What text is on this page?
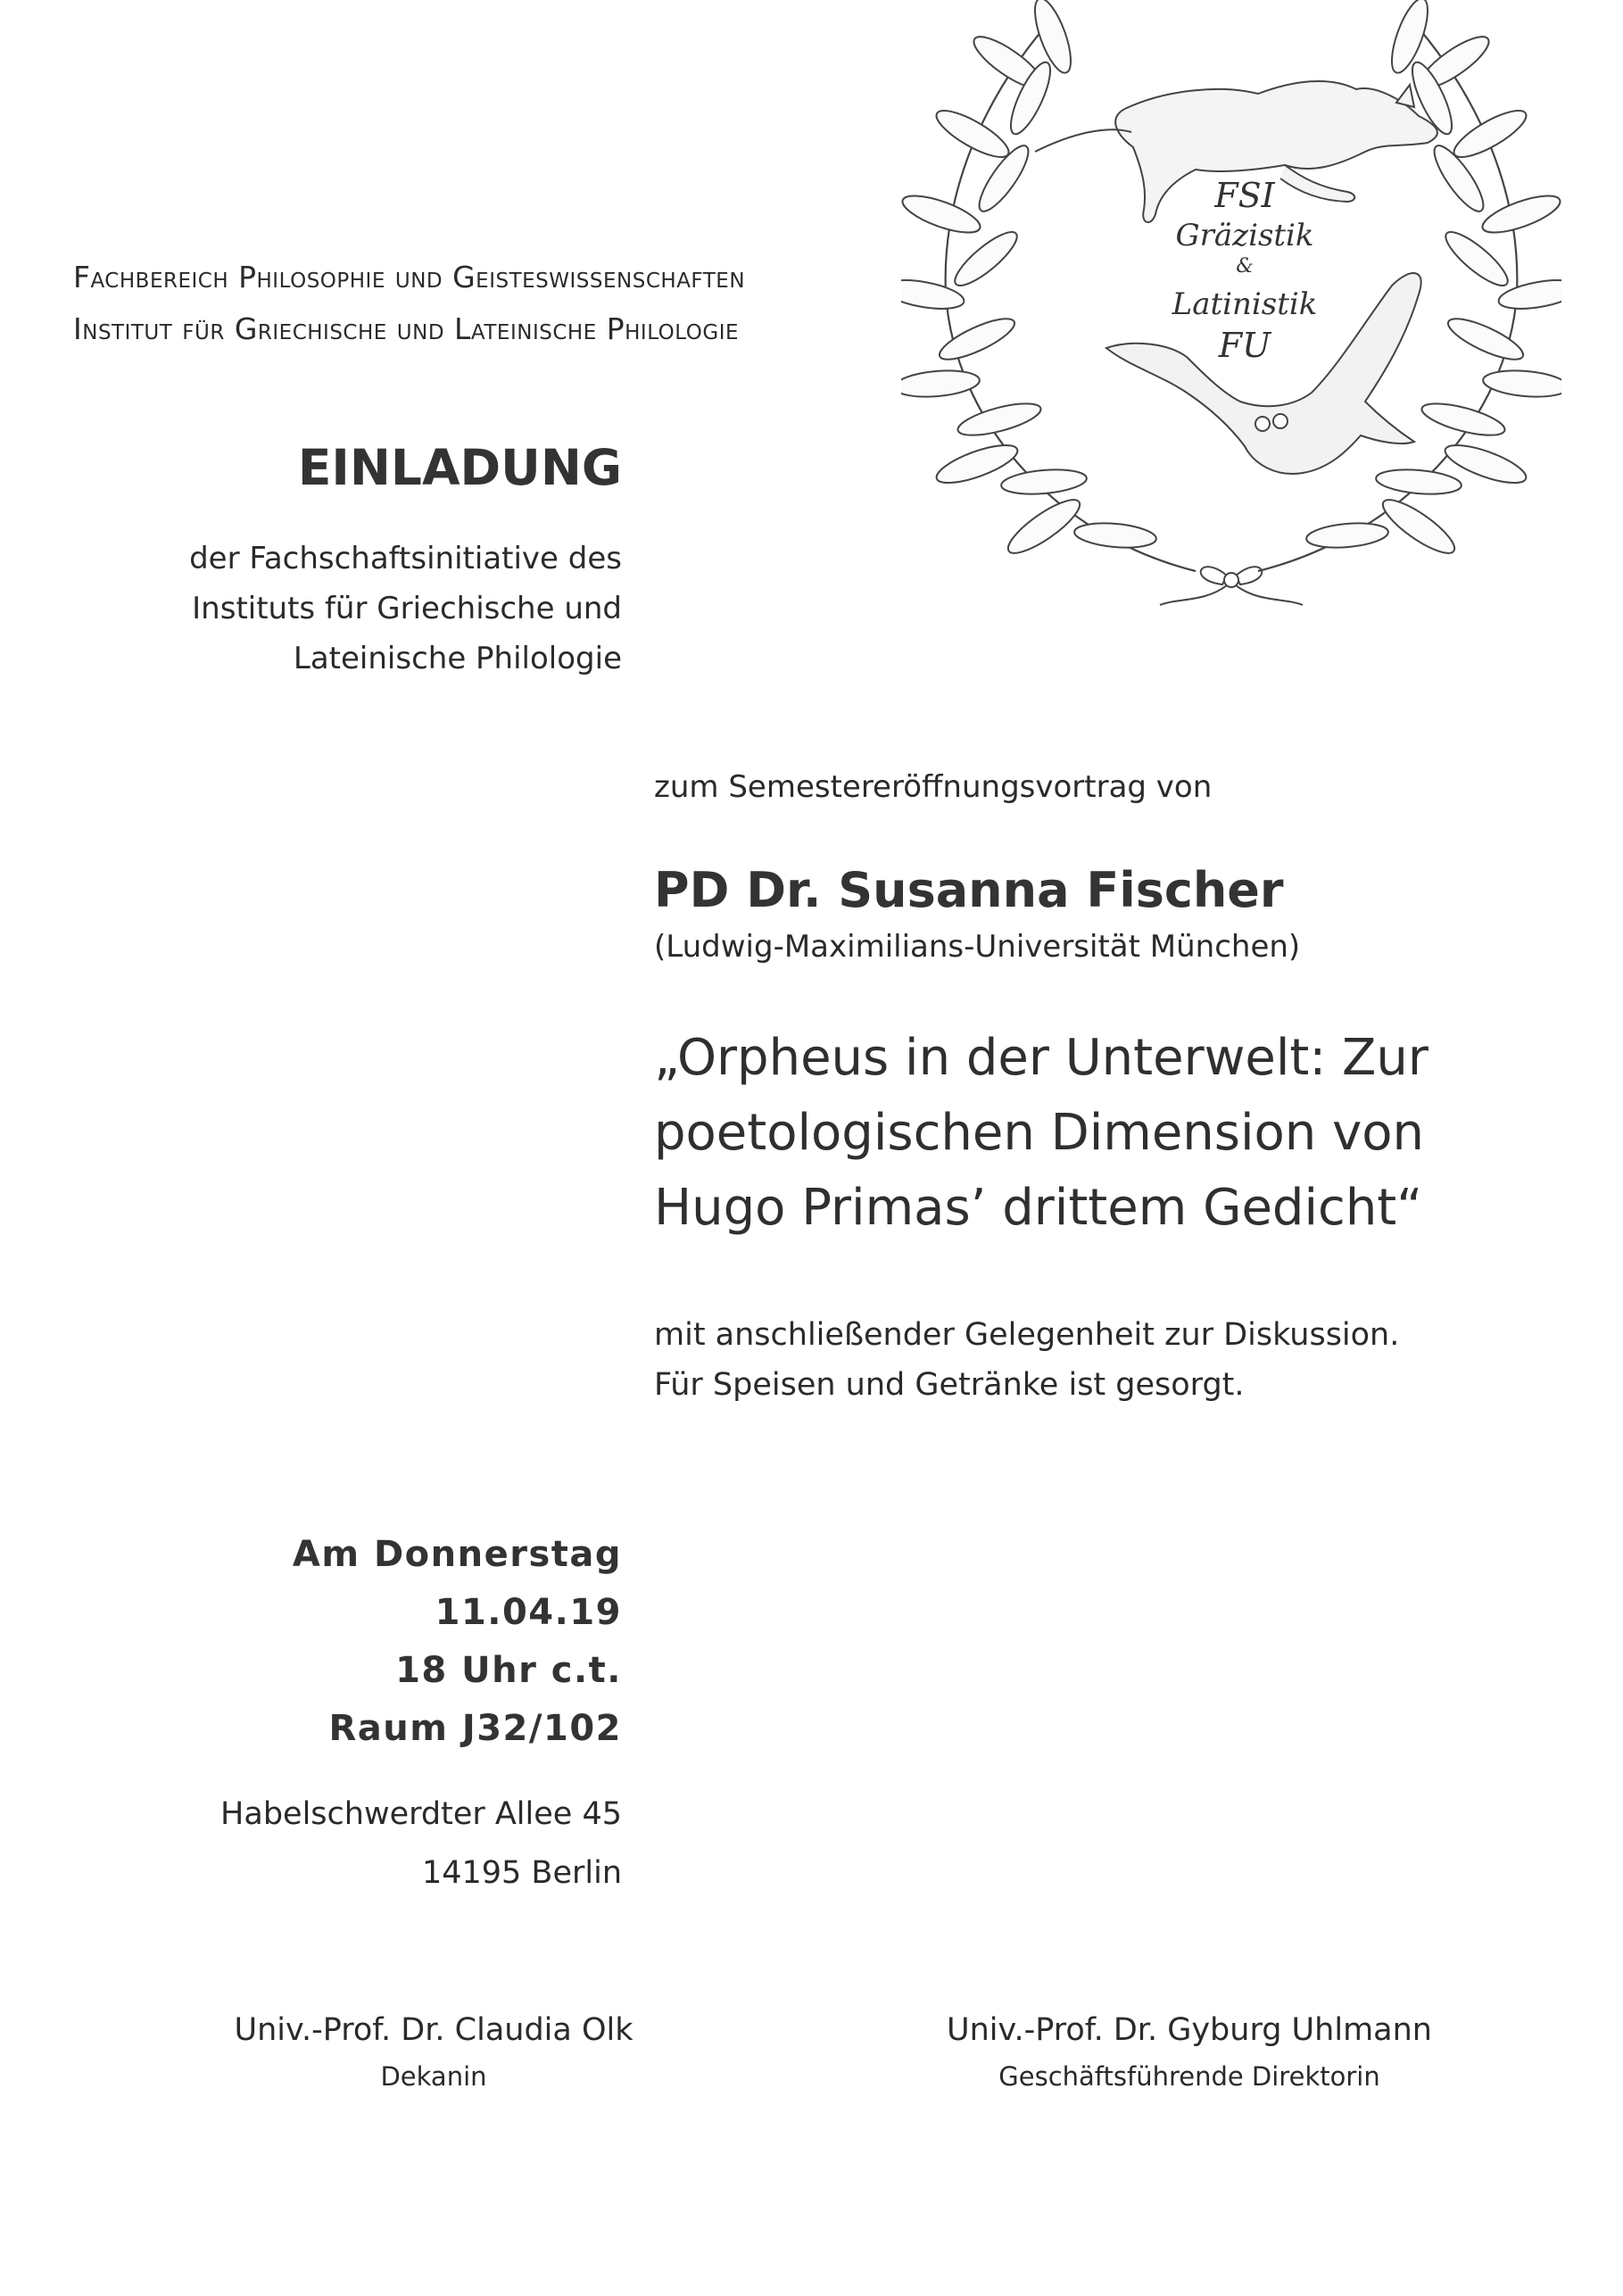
Fachbereich Philosophie und Geisteswissenschaften
Institut für Griechische und Lateinische Philologie
FSI
Gräzistik
&
Latinistik
FU
EINLADUNG
der Fachschaftsinitiative des
Instituts für Griechische und
Lateinische Philologie
zum Semestereröffnungsvortrag von
PD Dr. Susanna Fischer
(Ludwig-Maximilians-Universität München)
„Orpheus in der Unterwelt: Zur
poetologischen Dimension von
Hugo Primas’ drittem Gedicht“
mit anschließender Gelegenheit zur Diskussion.
Für Speisen und Getränke ist gesorgt.
Am Donnerstag
11.04.19
18 Uhr c.t.
Raum J32/102
Habelschwerdter Allee 45
14195 Berlin
Univ.-Prof. Dr. Claudia Olk
Dekanin
Univ.-Prof. Dr. Gyburg Uhlmann
Geschäftsführende Direktorin
